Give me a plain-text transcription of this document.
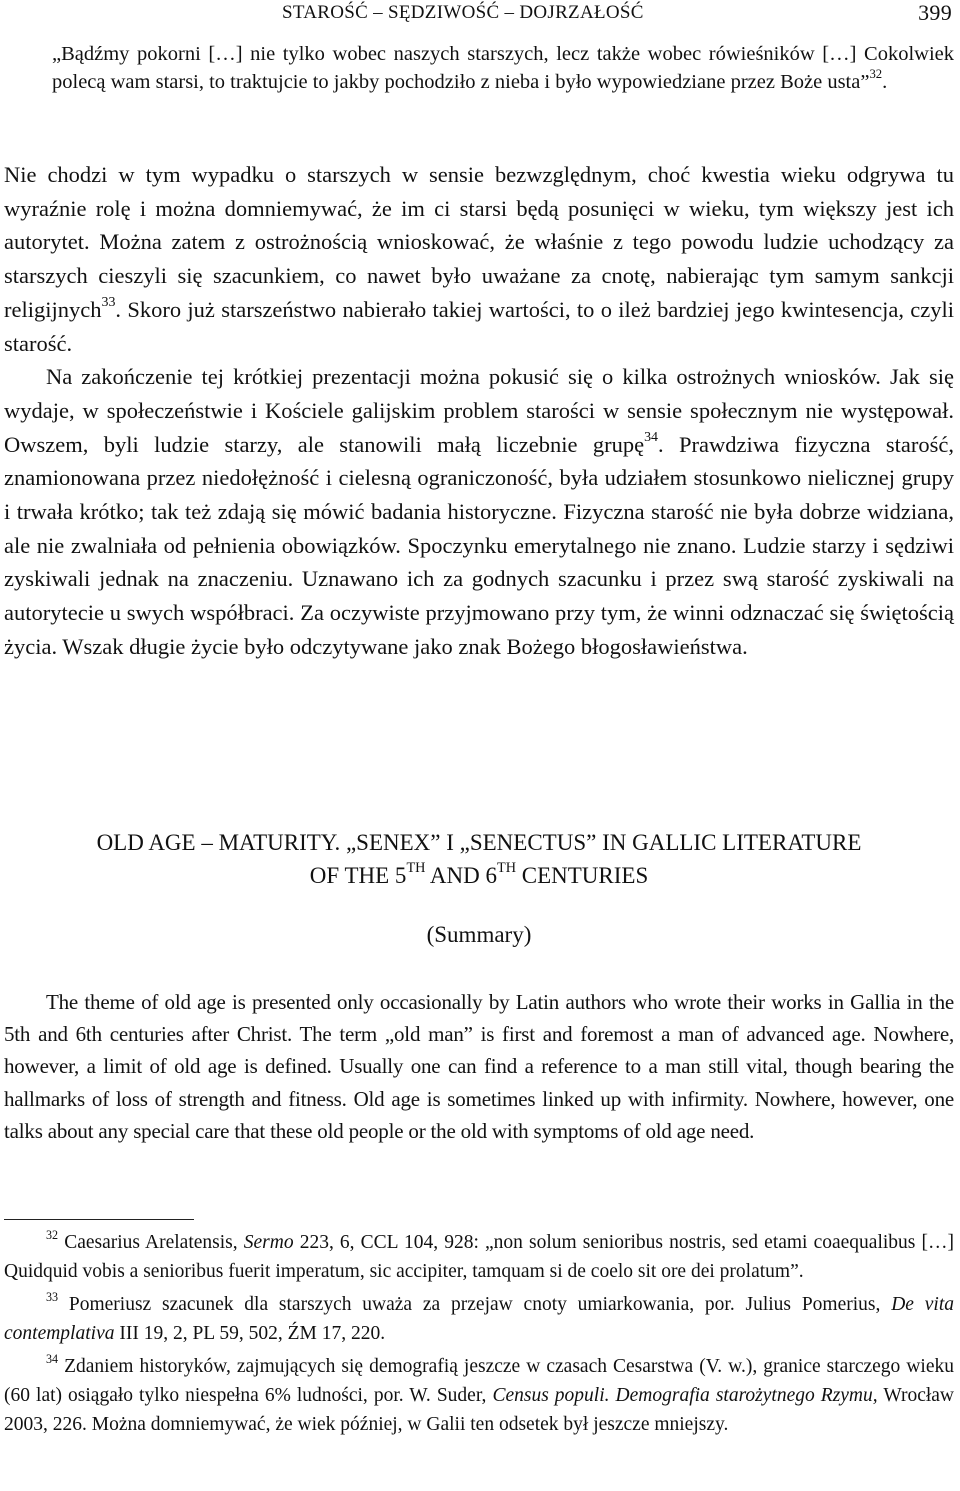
STAROŚĆ – SĘDZIWOŚĆ – DOJRZAŁOŚĆ	399

„Bądźmy pokorni […] nie tylko wobec naszych starszych, lecz także wobec rówieśników […] Cokolwiek polecą wam starsi, to traktujcie to jakby pochodziło z nieba i było wypowiedziane przez Boże usta”$^{32}$.

Nie chodzi w tym wypadku o starszych w sensie bezwzględnym, choć kwestia wieku odgrywa tu wyraźnie rolę i można domniemywać, że im ci starsi będą posunięci w wieku, tym większy jest ich autorytet. Można zatem z ostrożnością wnioskować, że właśnie z tego powodu ludzie uchodzący za starszych cieszyli się szacunkiem, co nawet było uważane za cnotę, nabierając tym samym sankcji religijnych$^{33}$. Skoro już starszeństwo nabierało takiej wartości, to o ileż bardziej jego kwintesencja, czyli starość.

Na zakończenie tej krótkiej prezentacji można pokusić się o kilka ostrożnych wniosków. Jak się wydaje, w społeczeństwie i Kościele galijskim problem starości w sensie społecznym nie występował. Owszem, byli ludzie starzy, ale stanowili małą liczebnie grupę$^{34}$. Prawdziwa fizyczna starość, znamionowana przez niedołężność i cielesną ograniczoność, była udziałem stosunkowo nielicznej grupy i trwała krótko; tak też zdają się mówić badania historyczne. Fizyczna starość nie była dobrze widziana, ale nie zwalniała od pełnienia obowiązków. Spoczynku emerytalnego nie znano. Ludzie starzy i sędziwi zyskiwali jednak na znaczeniu. Uznawano ich za godnych szacunku i przez swą starość zyskiwali na autorytecie u swych współbraci. Za oczywiste przyjmowano przy tym, że winni odznaczać się świętością życia. Wszak długie życie było odczytywane jako znak Bożego błogosławieństwa.

OLD AGE – MATURITY. „SENEX” I „SENECTUS” IN GALLIC LITERATURE
OF THE 5TH AND 6TH CENTURIES

(Summary)

The theme of old age is presented only occasionally by Latin authors who wrote their works in Gallia in the 5th and 6th centuries after Christ. The term „old man” is first and foremost a man of advanced age. Nowhere, however, a limit of old age is defined. Usually one can find a reference to a man still vital, though bearing the hallmarks of loss of strength and fitness. Old age is sometimes linked up with infirmity. Nowhere, however, one talks about any special care that these old people or the old with symptoms of old age need.

$^{32}$ Caesarius Arelatensis, Sermo 223, 6, CCL 104, 928: „non solum senioribus nostris, sed etami coaequalibus […] Quidquid vobis a senioribus fuerit imperatum, sic accipiter, tamquam si de coelo sit ore dei prolatum”.

$^{33}$ Pomeriusz szacunek dla starszych uważa za przejaw cnoty umiarkowania, por. Julius Pomerius, De vita contemplativa III 19, 2, PL 59, 502, ŹM 17, 220.

$^{34}$ Zdaniem historyków, zajmujących się demografią jeszcze w czasach Cesarstwa (V. w.), granice starczego wieku (60 lat) osiągało tylko niespełna 6% ludności, por. W. Suder, Census populi. Demografia starożytnego Rzymu, Wrocław 2003, 226. Można domniemywać, że wiek później, w Galii ten odsetek był jeszcze mniejszy.
